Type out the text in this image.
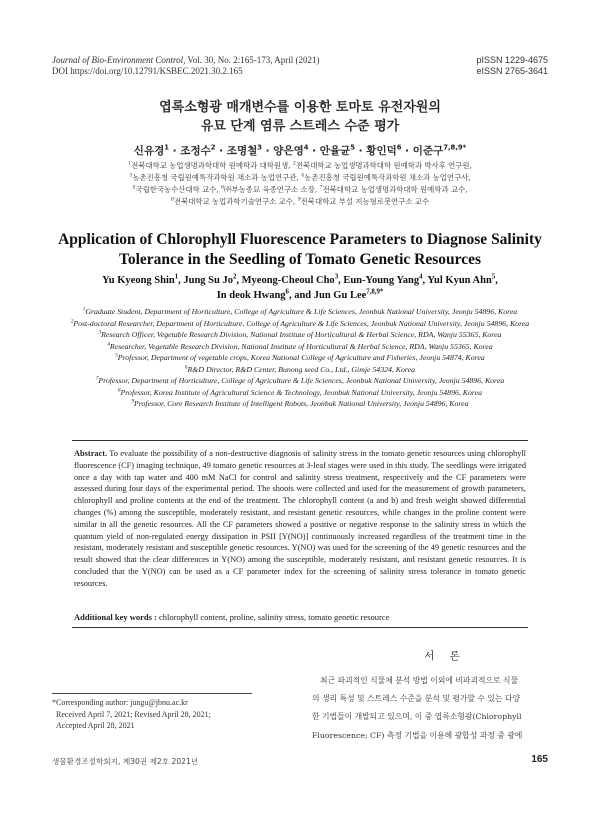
Journal of Bio-Environment Control, Vol. 30, No. 2:165-173, April (2021)
DOI https://doi.org/10.12791/KSBEC.2021.30.2.165
pISSN 1229-4675
eISSN 2765-3641
엽록소형광 매개변수를 이용한 토마토 유전자원의
유묘 단계 염류 스트레스 수준 평가
신유경$^1$ · 조정수$^2$ · 조명철$^3$ · 양은영$^4$ · 안율균$^5$ · 황인덕$^6$ · 이준구$^{7,8,9*}$
$^1$전북대학교 농업생명과학대학 원예학과 대학원생, $^2$전북대학교 농업생명과학대학 원예학과 박사후 연구원,
$^3$농촌진흥청 국립원예특작과학원 채소과 농업연구관, $^4$농촌진흥청 국립원예특작과학원 채소과 농업연구사,
$^5$국립한국농수산대학 교수, $^6$㈜부농종묘 육종연구소 소장, $^7$전북대학교 농업생명과학대학 원예학과 교수,
$^8$전북대학교 농업과학기술연구소 교수, $^9$전북대학교 부설 지능형로봇연구소 교수
Application of Chlorophyll Fluorescence Parameters to Diagnose Salinity
Tolerance in the Seedling of Tomato Genetic Resources
Yu Kyeong Shin$^1$, Jung Su Jo$^2$, Myeong-Cheoul Cho$^3$, Eun-Young Yang$^4$, Yul Kyun Ahn$^5$,
In deok Hwang$^6$, and Jun Gu Lee$^{7,8,9*}$
$^1$Graduate Student, Department of Horticulture, College of Agriculture & Life Sciences, Jeonbuk National University, Jeonju 54896, Korea
$^2$Post-doctoral Researcher, Department of Horticulture, College of Agriculture & Life Sciences, Jeonbuk National University, Jeonju 54896, Korea
$^3$Research Officer, Vegetable Research Division, National Institute of Horticultural & Herbal Science, RDA, Wanju 55365, Korea
$^4$Researcher, Vegetable Research Division, National Institute of Horticultural & Herbal Science, RDA, Wanju 55365, Korea
$^5$Professor, Department of vegetable crops, Korea National College of Agriculture and Fisheries, Jeonju 54874, Korea
$^6$R&D Director, R&D Center, Bunong seed Co., Ltd., Gimje 54324, Korea
$^7$Professor, Department of Horticulture, College of Agriculture & Life Sciences, Jeonbuk National University, Jeonju 54896, Korea
$^8$Professor, Korea Institute of Agricultural Science & Technology, Jeonbuk National University, Jeonju 54896, Korea
$^9$Professor, Core Research Institute of Intelligent Robots, Jeonbuk National University, Jeonju 54896, Korea
Abstract. To evaluate the possibility of a non-destructive diagnosis of salinity stress in the tomato genetic resources using chlorophyll fluorescence (CF) imaging technique, 49 tomato genetic resources at 3-leaf stages were used in this study. The seedlings were irrigated once a day with tap water and 400 mM NaCl for control and salinity stress treatment, respectively and the CF parameters were assessed during four days of the experimental period. The shoots were collected and used for the measurement of growth parameters, chlorophyll and proline contents at the end of the treatment. The chlorophyll content (a and b) and fresh weight showed differential changes (%) among the susceptible, moderately resistant, and resistant genetic resources, while changes in the proline content were similar in all the genetic resources. All the CF parameters showed a positive or negative response to the salinity stress in which the quantum yield of non-regulated energy dissipation in PSII [Y(NO)] continuously increased regardless of the treatment time in the resistant, moderately resistant and susceptible genetic resources. Y(NO) was used for the screening of the 49 genetic resources and the result showed that the clear differences in Y(NO) among the susceptible, moderately resistant, and resistant genetic resources. It is concluded that the Y(NO) can be used as a CF parameter index for the screening of salinity stress tolerance in tomato genetic resources.
Additional key words : chlorophyll content, proline, salinity stress, tomato genetic resource
서 론
최근 파괴적인 식물체 분석 방법 이외에 비파괴적으로 식물
의 생리 특성 및 스트레스 수준을 분석 및 평가할 수 있는 다양
한 기법들이 개발되고 있으며, 이 중 엽록소형광(Chlorophyll
Fluorescence; CF) 측정 기법을 이용해 광합성 과정 중 광에
*Corresponding author: jungu@jbnu.ac.kr
Received April 7, 2021; Revised April 28, 2021;
Accepted April 28, 2021
생물환경조절학회지, 제30권 제2호 2021년	165
